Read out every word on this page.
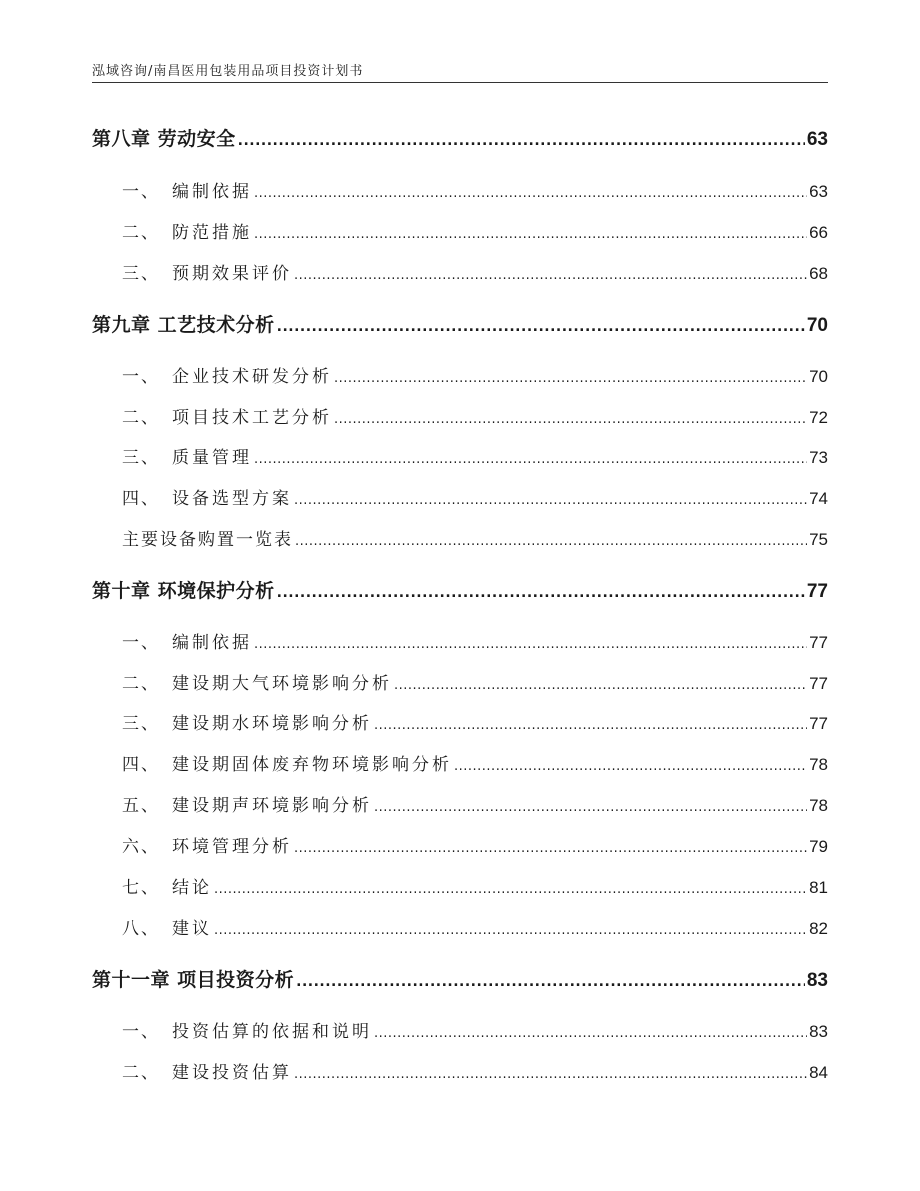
泓域咨询/南昌医用包装用品项目投资计划书
第八章 劳动安全 .....	63
一、 编制依据 .....	63
二、 防范措施 .....	66
三、 预期效果评价 .....	68
第九章 工艺技术分析 .....	70
一、 企业技术研发分析 .....	70
二、 项目技术工艺分析 .....	72
三、 质量管理 .....	73
四、 设备选型方案 .....	74
主要设备购置一览表 .....	75
第十章 环境保护分析 .....	77
一、 编制依据 .....	77
二、 建设期大气环境影响分析 .....	77
三、 建设期水环境影响分析 .....	77
四、 建设期固体废弃物环境影响分析 .....	78
五、 建设期声环境影响分析 .....	78
六、 环境管理分析 .....	79
七、 结论 .....	81
八、 建议 .....	82
第十一章 项目投资分析 .....	83
一、 投资估算的依据和说明 .....	83
二、 建设投资估算 .....	84
